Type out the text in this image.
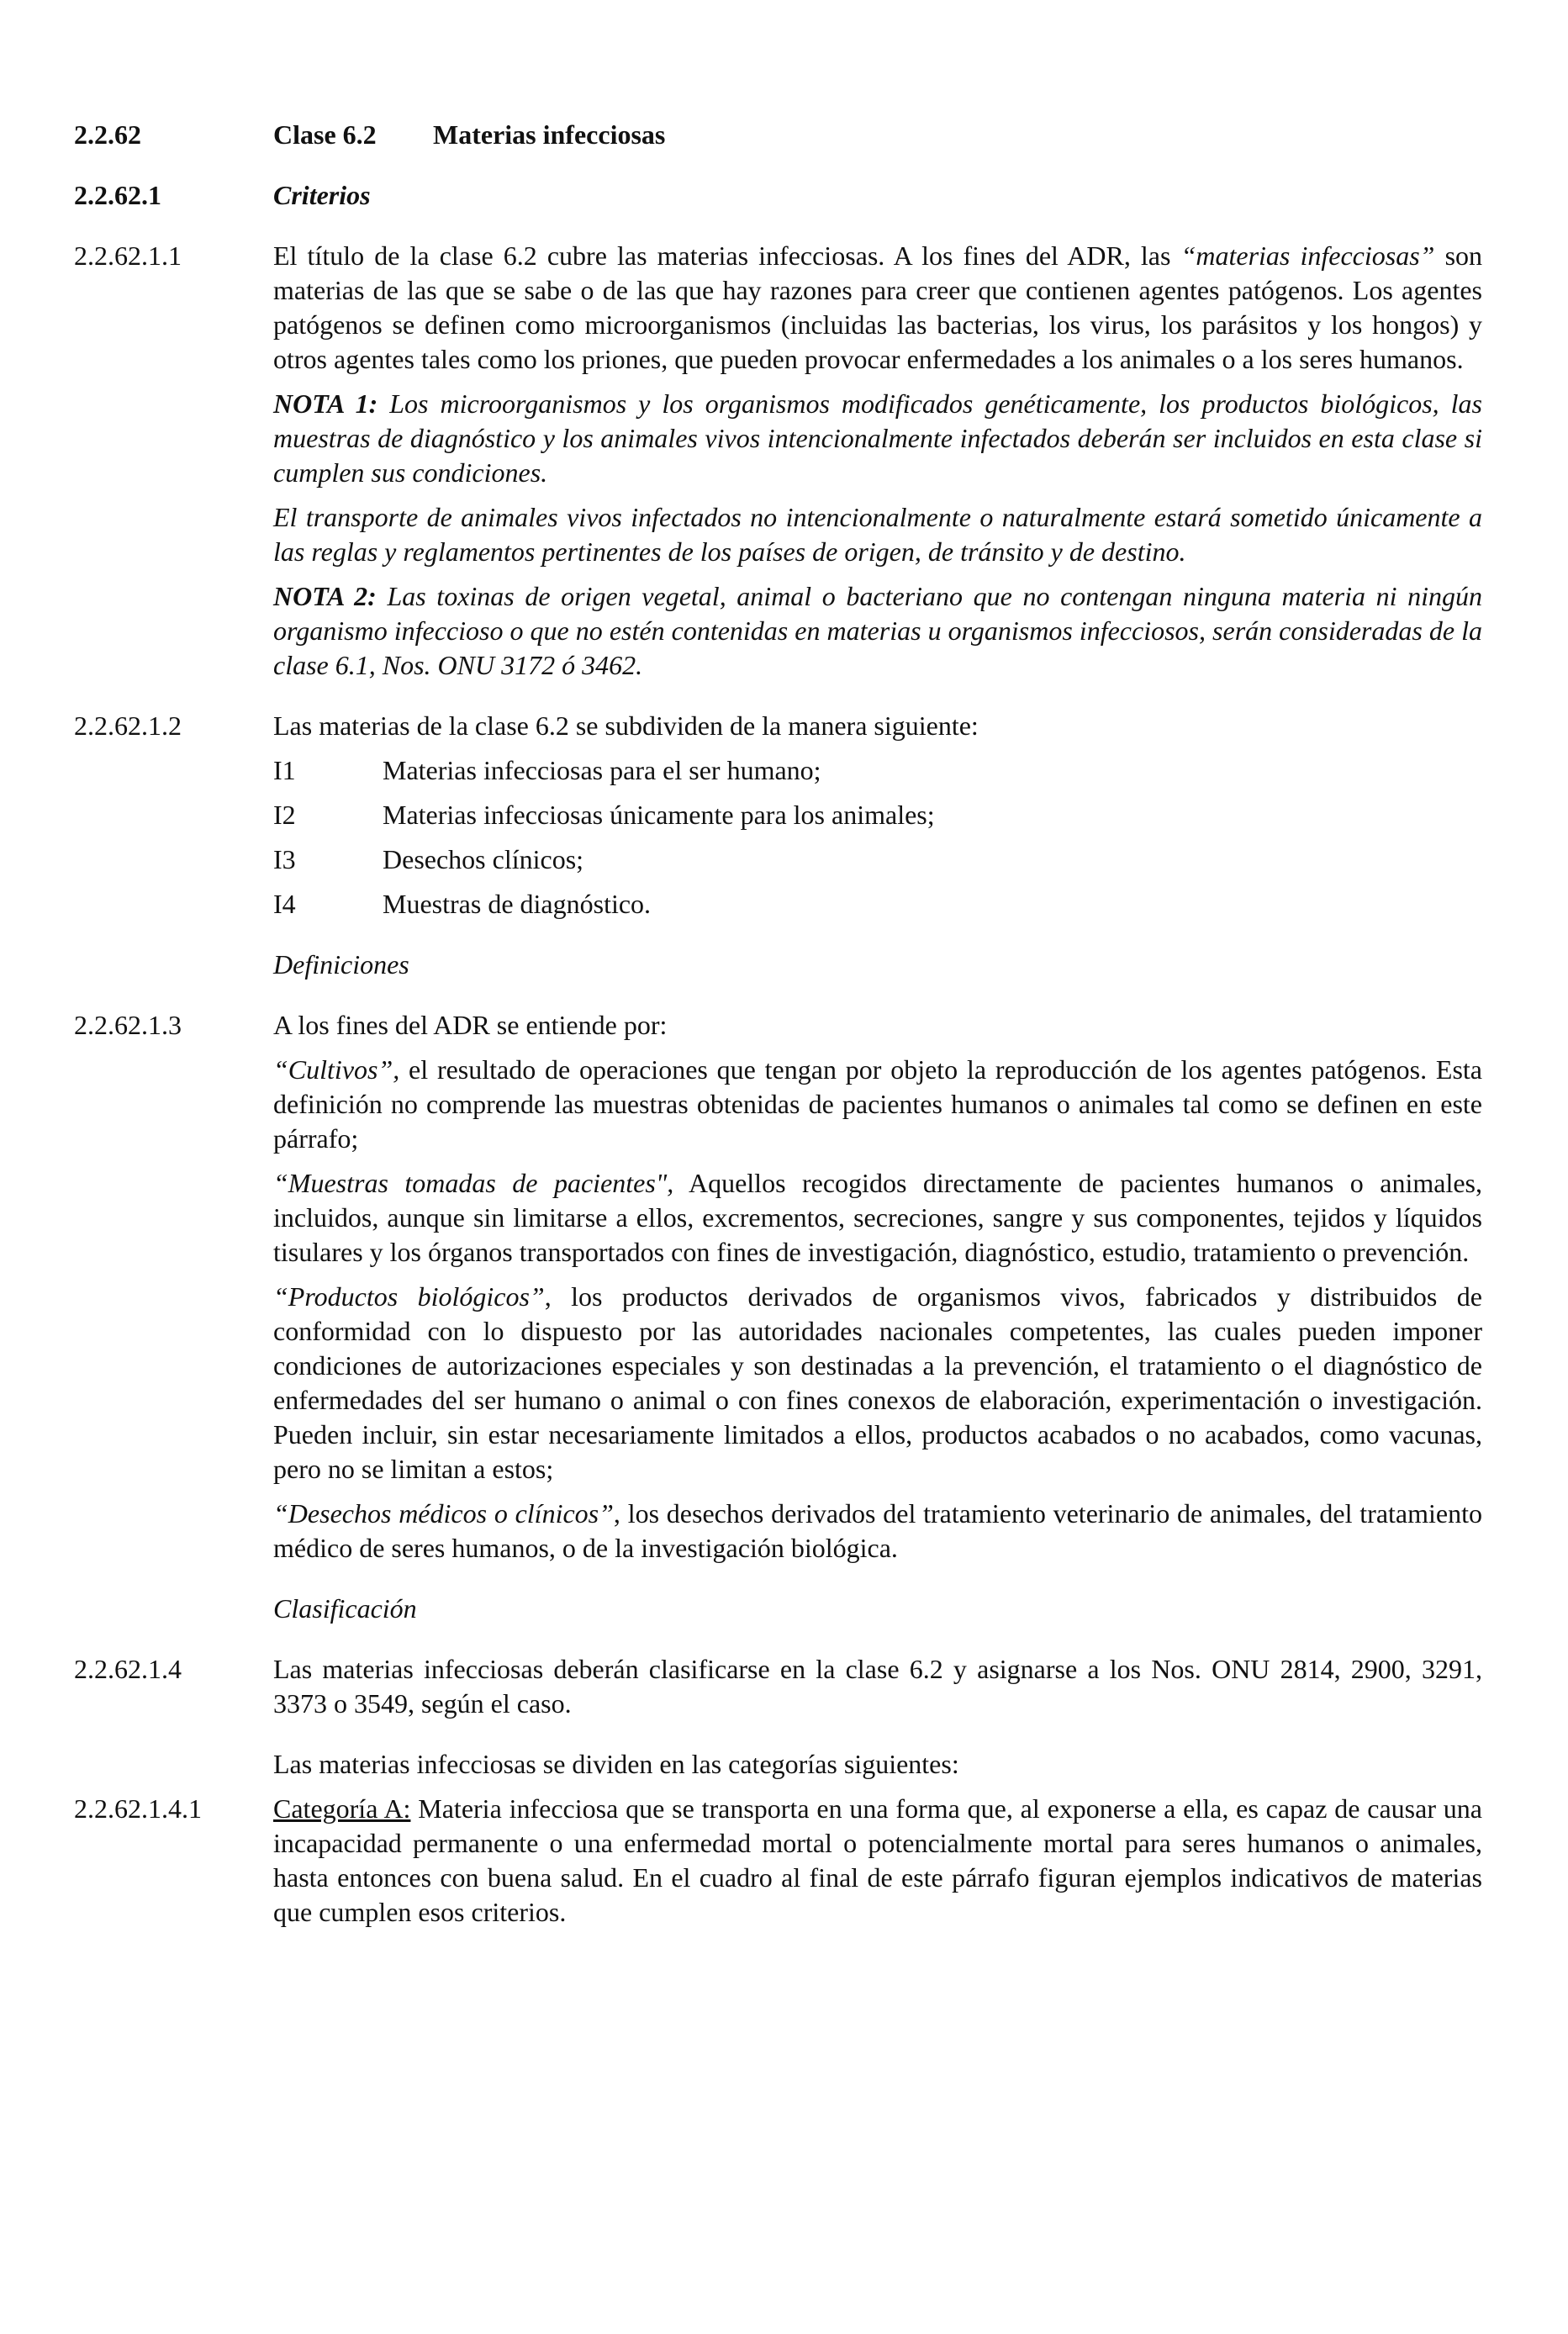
2.2.62	Clase 6.2 Materias infecciosas
2.2.62.1	Criterios
2.2.62.1.1	El título de la clase 6.2 cubre las materias infecciosas. A los fines del ADR, las “materias infecciosas” son materias de las que se sabe o de las que hay razones para creer que contienen agentes patógenos. Los agentes patógenos se definen como microorganismos (incluidas las bacterias, los virus, los parásitos y los hongos) y otros agentes tales como los priones, que pueden provocar enfermedades a los animales o a los seres humanos.

NOTA 1: Los microorganismos y los organismos modificados genéticamente, los productos biológicos, las muestras de diagnóstico y los animales vivos intencionalmente infectados deberán ser incluidos en esta clase si cumplen sus condiciones.

El transporte de animales vivos infectados no intencionalmente o naturalmente estará sometido únicamente a las reglas y reglamentos pertinentes de los países de origen, de tránsito y de destino.

NOTA 2: Las toxinas de origen vegetal, animal o bacteriano que no contengan ninguna materia ni ningún organismo infeccioso o que no estén contenidas en materias u organismos infecciosos, serán consideradas de la clase 6.1, Nos. ONU 3172 ó 3462.

2.2.62.1.2	Las materias de la clase 6.2 se subdividen de la manera siguiente:

I1	Materias infecciosas para el ser humano;
I2	Materias infecciosas únicamente para los animales;
I3	Desechos clínicos;
I4	Muestras de diagnóstico.

Definiciones

2.2.62.1.3	A los fines del ADR se entiende por:

“Cultivos”, el resultado de operaciones que tengan por objeto la reproducción de los agentes patógenos. Esta definición no comprende las muestras obtenidas de pacientes humanos o animales tal como se definen en este párrafo;

“Muestras tomadas de pacientes", Aquellos recogidos directamente de pacientes humanos o animales, incluidos, aunque sin limitarse a ellos, excrementos, secreciones, sangre y sus componentes, tejidos y líquidos tisulares y los órganos transportados con fines de investigación, diagnóstico, estudio, tratamiento o prevención.

“Productos biológicos”, los productos derivados de organismos vivos, fabricados y distribuidos de conformidad con lo dispuesto por las autoridades nacionales competentes, las cuales pueden imponer condiciones de autorizaciones especiales y son destinadas a la prevención, el tratamiento o el diagnóstico de enfermedades del ser humano o animal o con fines conexos de elaboración, experimentación o investigación. Pueden incluir, sin estar necesariamente limitados a ellos, productos acabados o no acabados, como vacunas, pero no se limitan a estos;

“Desechos médicos o clínicos”, los desechos derivados del tratamiento veterinario de animales, del tratamiento médico de seres humanos, o de la investigación biológica.

Clasificación

2.2.62.1.4	Las materias infecciosas deberán clasificarse en la clase 6.2 y asignarse a los Nos. ONU 2814, 2900, 3291, 3373 o 3549, según el caso.

Las materias infecciosas se dividen en las categorías siguientes:

2.2.62.1.4.1	Categoría A: Materia infecciosa que se transporta en una forma que, al exponerse a ella, es capaz de causar una incapacidad permanente o una enfermedad mortal o potencialmente mortal para seres humanos o animales, hasta entonces con buena salud. En el cuadro al final de este párrafo figuran ejemplos indicativos de materias que cumplen esos criterios.
